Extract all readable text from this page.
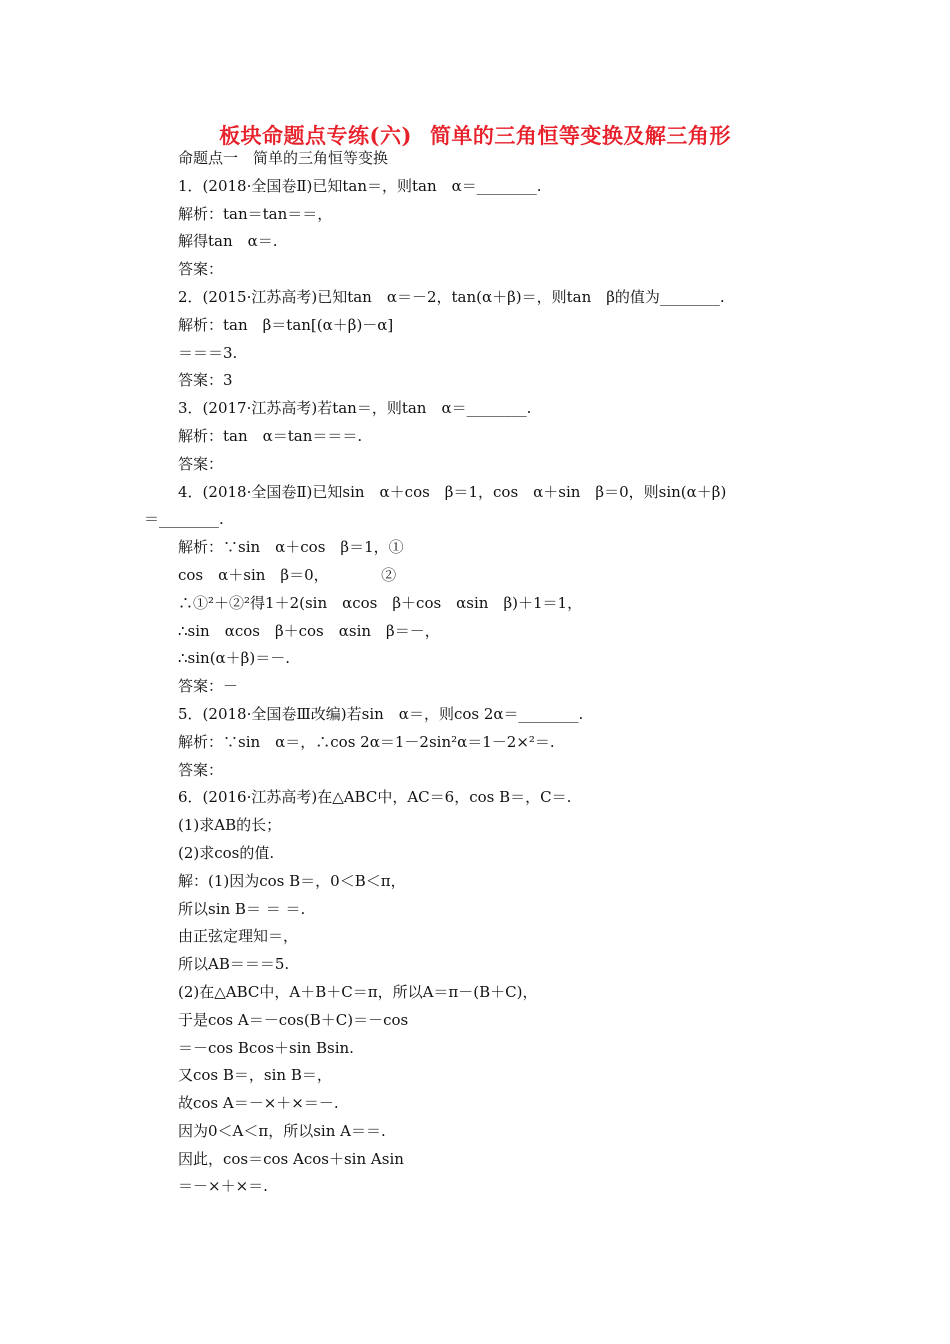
板块命题点专练(六) 简单的三角恒等变换及解三角形
命题点一　简单的三角恒等变换
1．(2018·全国卷Ⅱ)已知tan＝，则tan　α＝________.
解析：tan＝tan＝＝，
解得tan　α＝.
答案：
2．(2015·江苏高考)已知tan　α＝－2，tan(α＋β)＝，则tan　β的值为________.
解析：tan　β＝tan[(α＋β)－α]
＝＝＝3.
答案：3
3．(2017·江苏高考)若tan＝，则tan　α＝________.
解析：tan　α＝tan＝＝＝.
答案：
4．(2018·全国卷Ⅱ)已知sin　α＋cos　β＝1，cos　α＋sin　β＝0，则sin(α＋β)
＝________.
解析：∵sin　α＋cos　β＝1，①
cos　α＋sin　β＝0，　　　　②
∴①²＋②²得1＋2(sin　αcos　β＋cos　αsin　β)＋1＝1，
∴sin　αcos　β＋cos　αsin　β＝－，
∴sin(α＋β)＝－.
答案：－
5．(2018·全国卷Ⅲ改编)若sin　α＝，则cos 2α＝________.
解析：∵sin　α＝，∴cos 2α＝1－2sin²α＝1－2×²＝.
答案：
6．(2016·江苏高考)在△ABC中，AC＝6，cos B＝，C＝.
(1)求AB的长；
(2)求cos的值.
解：(1)因为cos B＝，0＜B＜π，
所以sin B＝ ＝ ＝.
由正弦定理知＝，
所以AB＝＝＝5.
(2)在△ABC中，A＋B＋C＝π，所以A＝π－(B＋C)，
于是cos A＝－cos(B＋C)＝－cos
＝－cos Bcos＋sin Bsin.
又cos B＝，sin B＝，
故cos A＝－×＋×＝－.
因为0＜A＜π，所以sin A＝＝.
因此，cos＝cos Acos＋sin Asin
＝－×＋×＝.
